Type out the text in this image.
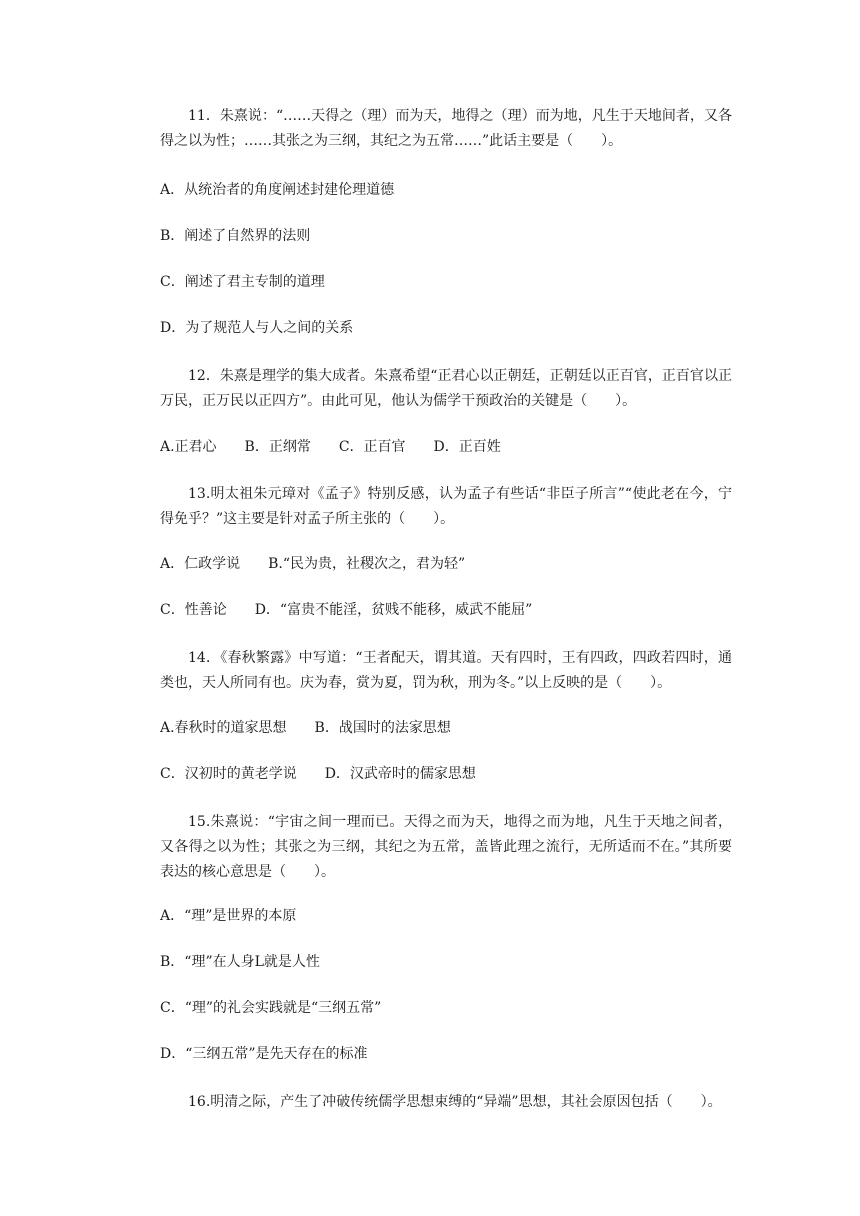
11．朱熹说：“……天得之（理）而为天，地得之（理）而为地，凡生于天地间者，又各得之以为性；……其张之为三纲，其纪之为五常……”此话主要是（　　）。
A．从统治者的角度阐述封建伦理道德
B．阐述了自然界的法则
C．阐述了君主专制的道理
D．为了规范人与人之间的关系
12．朱熹是理学的集大成者。朱熹希望“正君心以正朝廷，正朝廷以正百官，正百官以正万民，正万民以正四方”。由此可见，他认为儒学干预政治的关键是（　　）。
A.正君心　　B．正纲常　　C．正百官　　D．正百姓
13.明太祖朱元璋对《孟子》特别反感，认为孟子有些话“非臣子所言”“使此老在今，宁得免乎？”这主要是针对孟子所主张的（　　）。
A．仁政学说　　B.“民为贵，社稷次之，君为轻”
C．性善论　　D．“富贵不能淫，贫贱不能移，威武不能屈”
14．《春秋繁露》中写道：“王者配天，谓其道。天有四时，王有四政，四政若四时，通类也，天人所同有也。庆为春，赏为夏，罚为秋，刑为冬。”以上反映的是（　　）。
A.春秋时的道家思想　　B．战国时的法家思想
C．汉初时的黄老学说　　D．汉武帝时的儒家思想
15.朱熹说：“宇宙之间一理而已。天得之而为天，地得之而为地，凡生于天地之间者，又各得之以为性；其张之为三纲，其纪之为五常，盖皆此理之流行，无所适而不在。”其所要表达的核心意思是（　　）。
A．“理”是世界的本原
B．“理”在人身L就是人性
C．“理”的礼会实践就是“三纲五常”
D．“三纲五常”是先天存在的标准
16.明清之际，产生了冲破传统儒学思想束缚的“异端”思想，其社会原因包括（　　）。
